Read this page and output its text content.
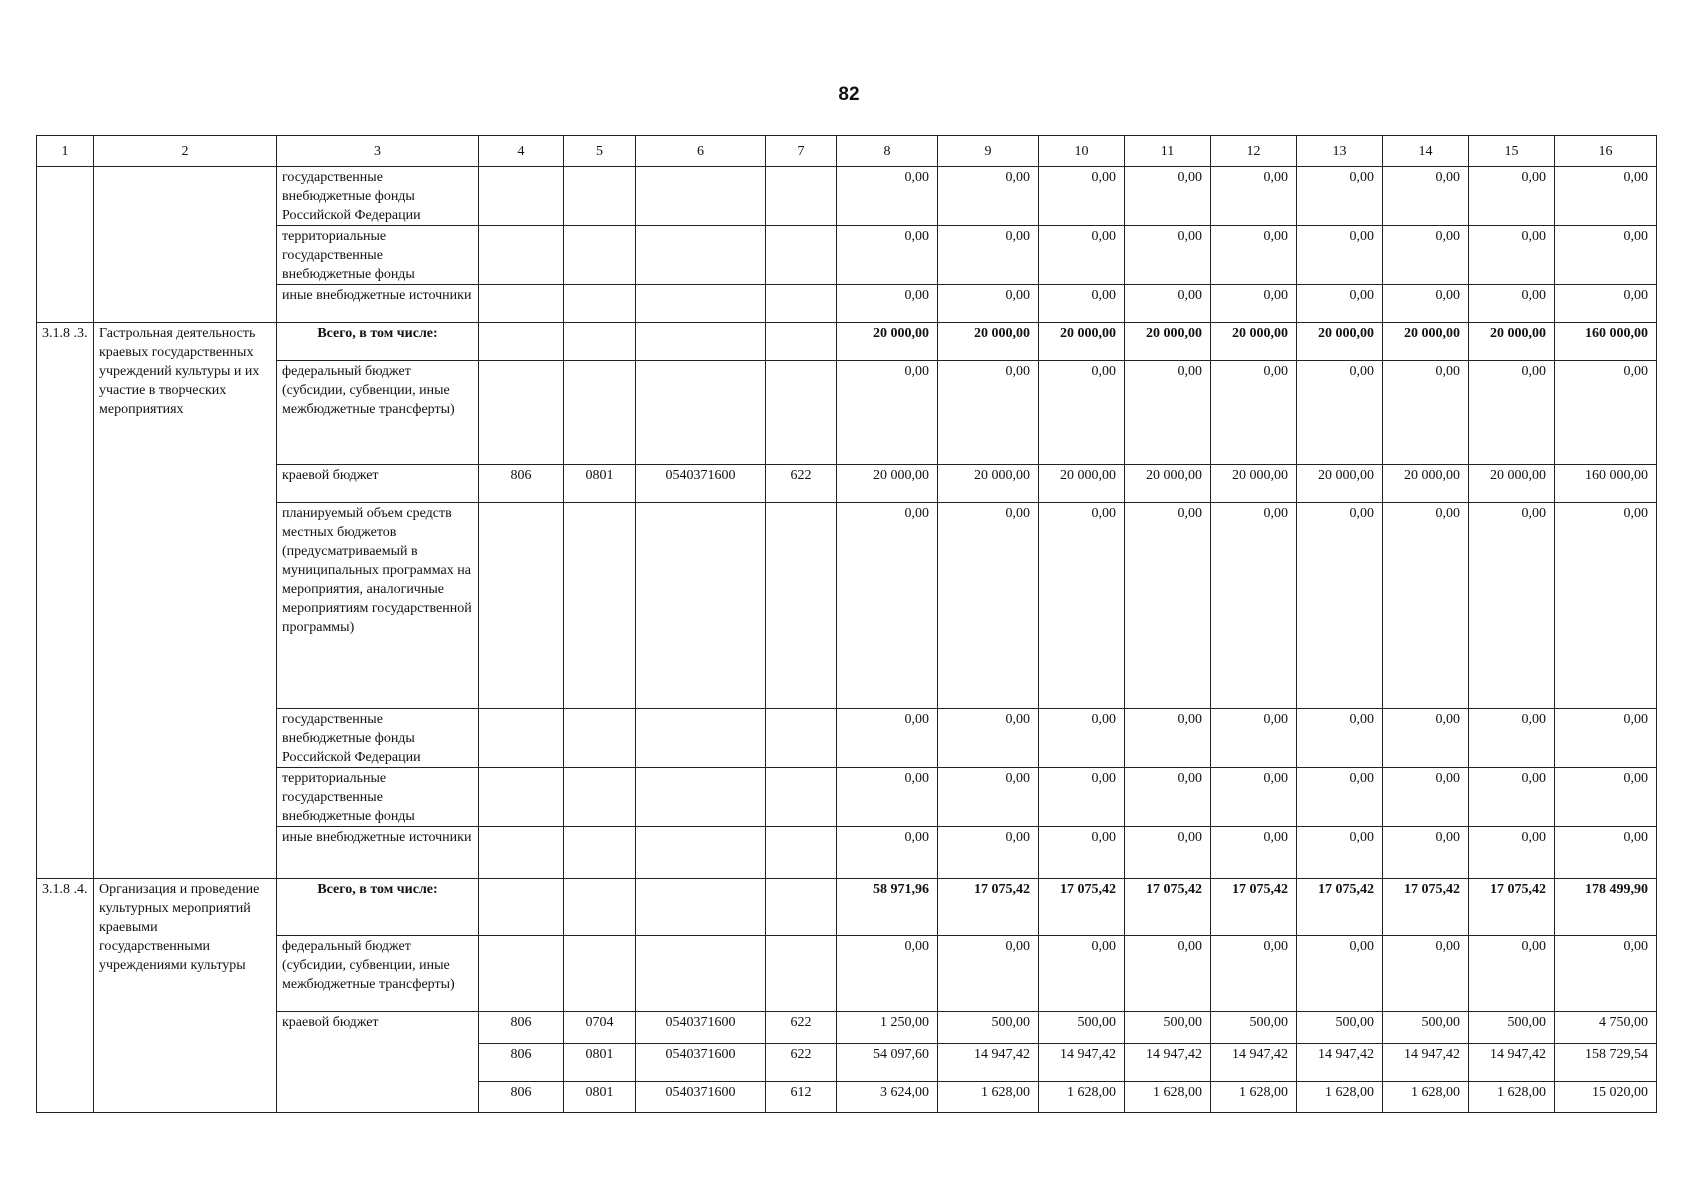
82
1	2	3	4	5	6	7	8	9	10	11	12	13	14	15	16
		государственные внебюджетные фонды Российской Федерации					0,00	0,00	0,00	0,00	0,00	0,00	0,00	0,00	0,00
		территориальные государственные внебюджетные фонды					0,00	0,00	0,00	0,00	0,00	0,00	0,00	0,00	0,00
		иные внебюджетные источники					0,00	0,00	0,00	0,00	0,00	0,00	0,00	0,00	0,00
3.1.8 .3.	Гастрольная деятельность краевых государственных учреждений культуры и их участие в творческих мероприятиях	Всего, в том числе:					20 000,00	20 000,00	20 000,00	20 000,00	20 000,00	20 000,00	20 000,00	20 000,00	160 000,00
		федеральный бюджет (субсидии, субвенции, иные межбюджетные трансферты)					0,00	0,00	0,00	0,00	0,00	0,00	0,00	0,00	0,00
		краевой бюджет	806	0801	0540371600	622	20 000,00	20 000,00	20 000,00	20 000,00	20 000,00	20 000,00	20 000,00	20 000,00	160 000,00
		планируемый объем средств местных бюджетов (предусматриваемый в муниципальных программах на мероприятия, аналогичные мероприятиям государственной программы)					0,00	0,00	0,00	0,00	0,00	0,00	0,00	0,00	0,00
		государственные внебюджетные фонды Российской Федерации					0,00	0,00	0,00	0,00	0,00	0,00	0,00	0,00	0,00
		территориальные государственные внебюджетные фонды					0,00	0,00	0,00	0,00	0,00	0,00	0,00	0,00	0,00
		иные внебюджетные источники					0,00	0,00	0,00	0,00	0,00	0,00	0,00	0,00	0,00
3.1.8 .4.	Организация и проведение культурных мероприятий краевыми государственными учреждениями культуры	Всего, в том числе:					58 971,96	17 075,42	17 075,42	17 075,42	17 075,42	17 075,42	17 075,42	17 075,42	178 499,90
		федеральный бюджет (субсидии, субвенции, иные межбюджетные трансферты)					0,00	0,00	0,00	0,00	0,00	0,00	0,00	0,00	0,00
		краевой бюджет	806	0704	0540371600	622	1 250,00	500,00	500,00	500,00	500,00	500,00	500,00	500,00	4 750,00
			806	0801	0540371600	622	54 097,60	14 947,42	14 947,42	14 947,42	14 947,42	14 947,42	14 947,42	14 947,42	158 729,54
			806	0801	0540371600	612	3 624,00	1 628,00	1 628,00	1 628,00	1 628,00	1 628,00	1 628,00	1 628,00	15 020,00
